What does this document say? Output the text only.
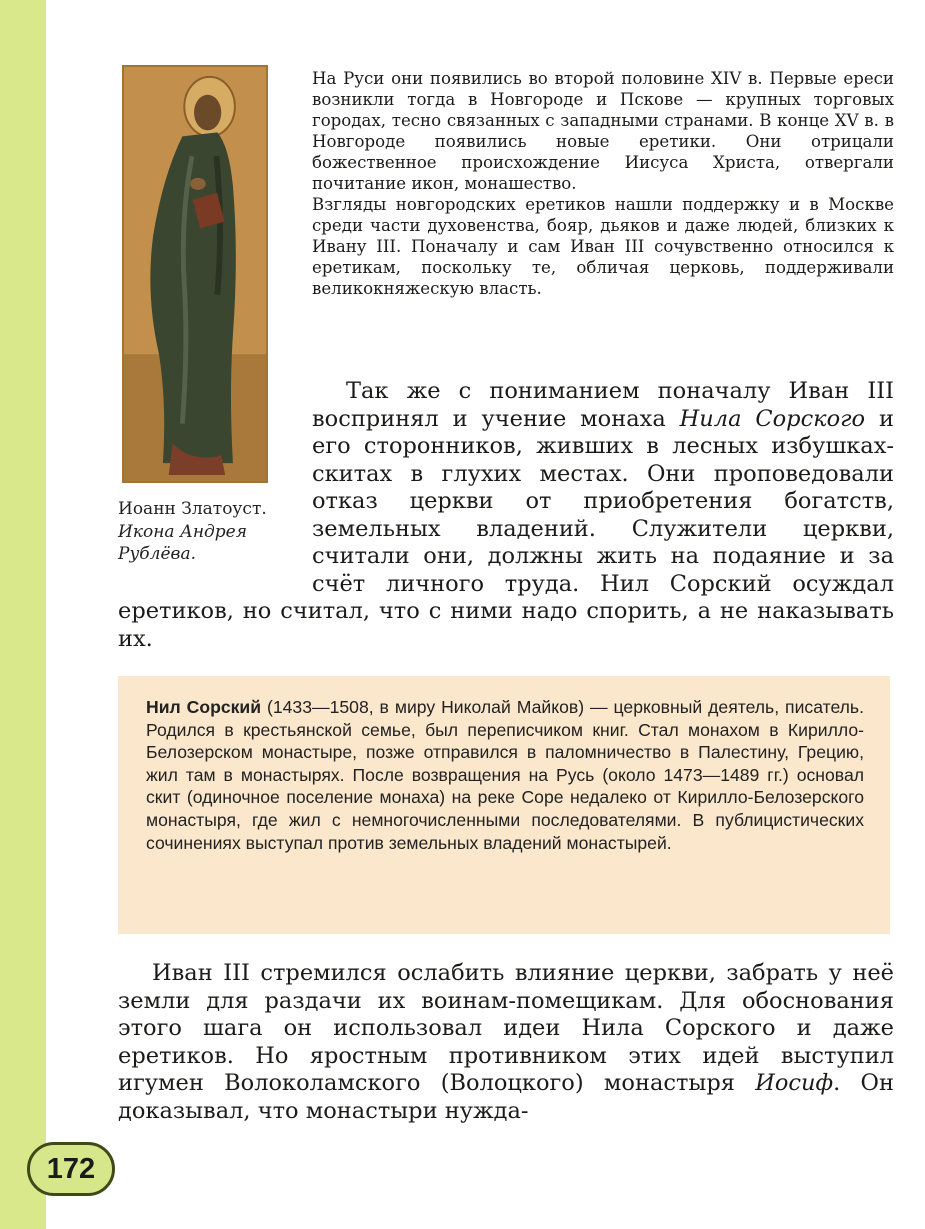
Иоанн Златоуст.
Икона Андрея
Рублёва.

На Руси они появились во второй половине XIV в. Первые ереси возникли тогда в Новгороде и Пскове — крупных торговых городах, тесно связанных с западными странами. В конце XV в. в Новгороде появились новые еретики. Они отрицали божественное происхождение Иисуса Христа, отвергали почитание икон, монашество.

Взгляды новгородских еретиков нашли поддержку и в Москве среди части духовенства, бояр, дьяков и даже людей, близких к Ивану III. Поначалу и сам Иван III сочувственно относился к еретикам, поскольку те, обличая церковь, поддерживали великокняжескую власть.

Так же с пониманием поначалу Иван III воспринял и учение монаха Нила Сорского и его сторонников, живших в лесных избушках-скитах в глухих местах. Они проповедовали отказ церкви от приобретения богатств, земельных владений. Служители церкви, считали они, должны жить на подаяние и за счёт личного труда. Нил Сорский осуждал еретиков, но считал, что с ними надо спорить, а не наказывать их.

Нил Сорский (1433—1508, в миру Николай Майков) — церковный деятель, писатель. Родился в крестьянской семье, был переписчиком книг. Стал монахом в Кирилло-Белозерском монастыре, позже отправился в паломничество в Палестину, Грецию, жил там в монастырях. После возвращения на Русь (около 1473—1489 гг.) основал скит (одиночное поселение монаха) на реке Соре недалеко от Кирилло-Белозерского монастыря, где жил с немногочисленными последователями. В публицистических сочинениях выступал против земельных владений монастырей.

Иван III стремился ослабить влияние церкви, забрать у неё земли для раздачи их воинам-помещикам. Для обоснования этого шага он использовал идеи Нила Сорского и даже еретиков. Но яростным противником этих идей выступил игумен Волоколамского (Волоцкого) монастыря Иосиф. Он доказывал, что монастыри нужда-

172
